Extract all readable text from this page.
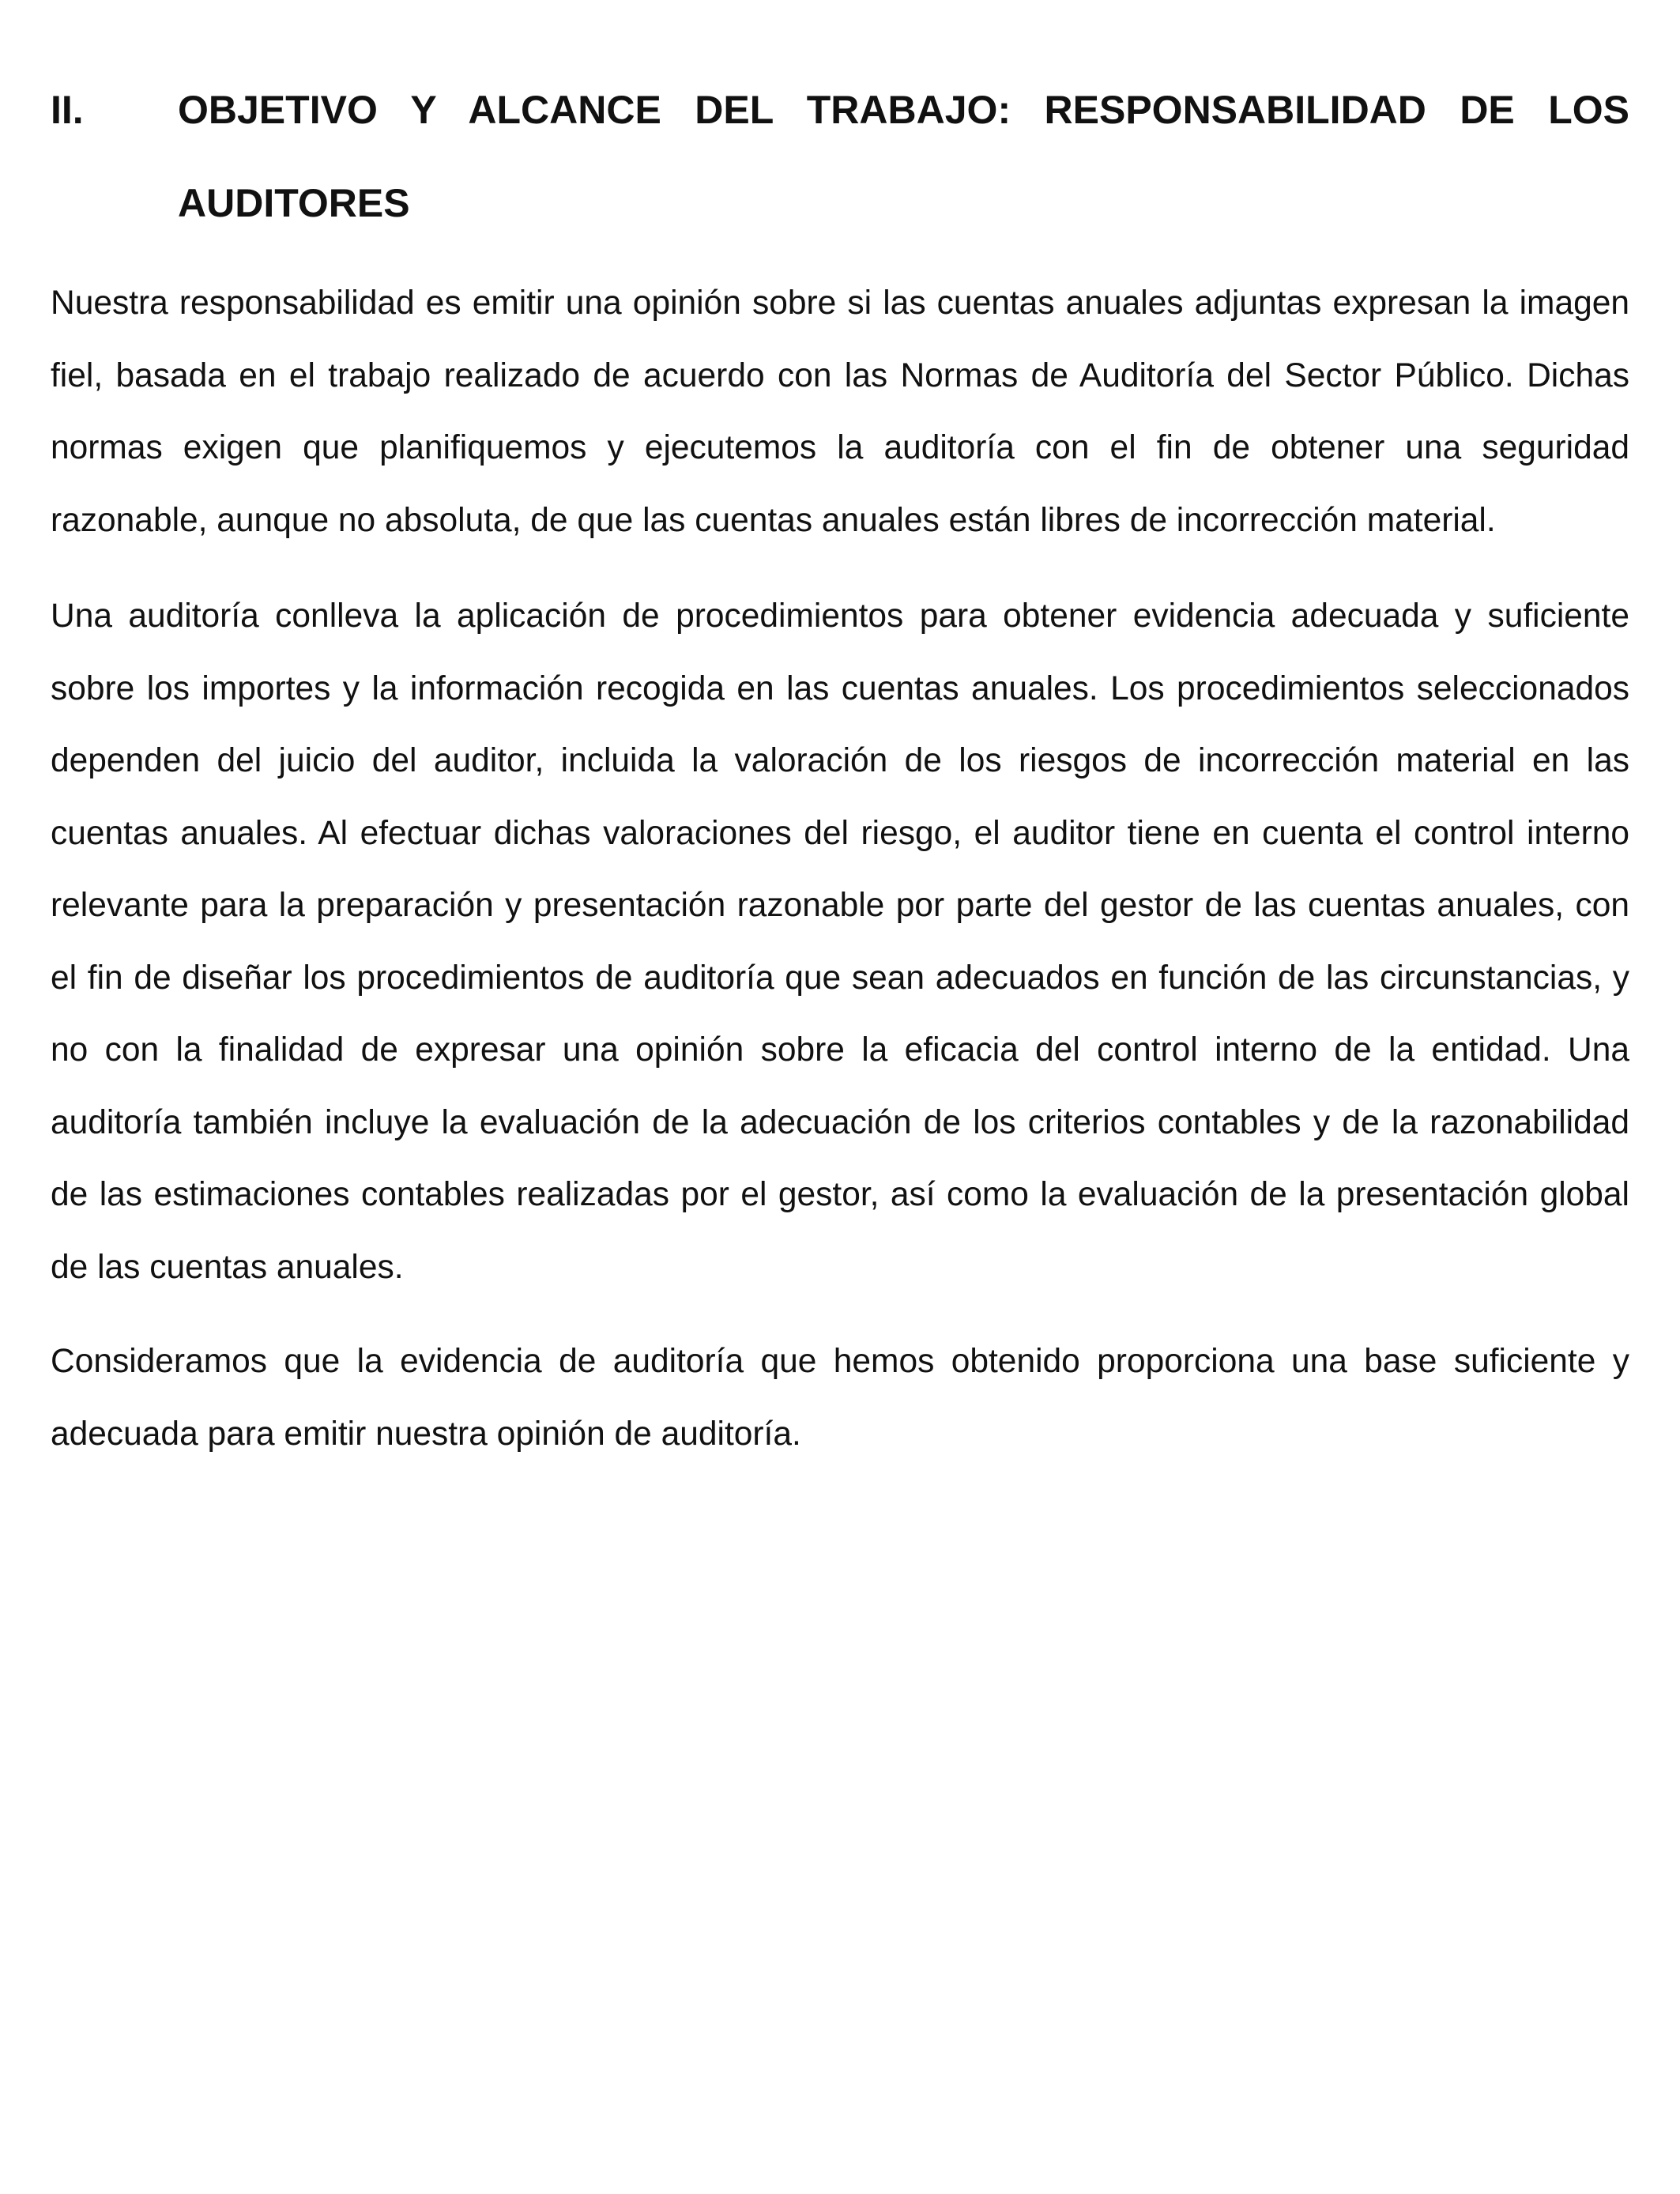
II.	OBJETIVO Y ALCANCE DEL TRABAJO: RESPONSABILIDAD DE LOS AUDITORES

Nuestra responsabilidad es emitir una opinión sobre si las cuentas anuales adjuntas expresan la imagen fiel, basada en el trabajo realizado de acuerdo con las Normas de Auditoría del Sector Público. Dichas normas exigen que planifiquemos y ejecutemos la auditoría con el fin de obtener una seguridad razonable, aunque no absoluta, de que las cuentas anuales están libres de incorrección material.

Una auditoría conlleva la aplicación de procedimientos para obtener evidencia adecuada y suficiente sobre los importes y la información recogida en las cuentas anuales. Los procedimientos seleccionados dependen del juicio del auditor, incluida la valoración de los riesgos de incorrección material en las cuentas anuales. Al efectuar dichas valoraciones del riesgo, el auditor tiene en cuenta el control interno relevante para la preparación y presentación razonable por parte del gestor de las cuentas anuales, con el fin de diseñar los procedimientos de auditoría que sean adecuados en función de las circunstancias, y no con la finalidad de expresar una opinión sobre la eficacia del control interno de la entidad. Una auditoría también incluye la evaluación de la adecuación de los criterios contables y de la razonabilidad de las estimaciones contables realizadas por el gestor, así como la evaluación de la presentación global de las cuentas anuales.

Consideramos que la evidencia de auditoría que hemos obtenido proporciona una base suficiente y adecuada para emitir nuestra opinión de auditoría.
